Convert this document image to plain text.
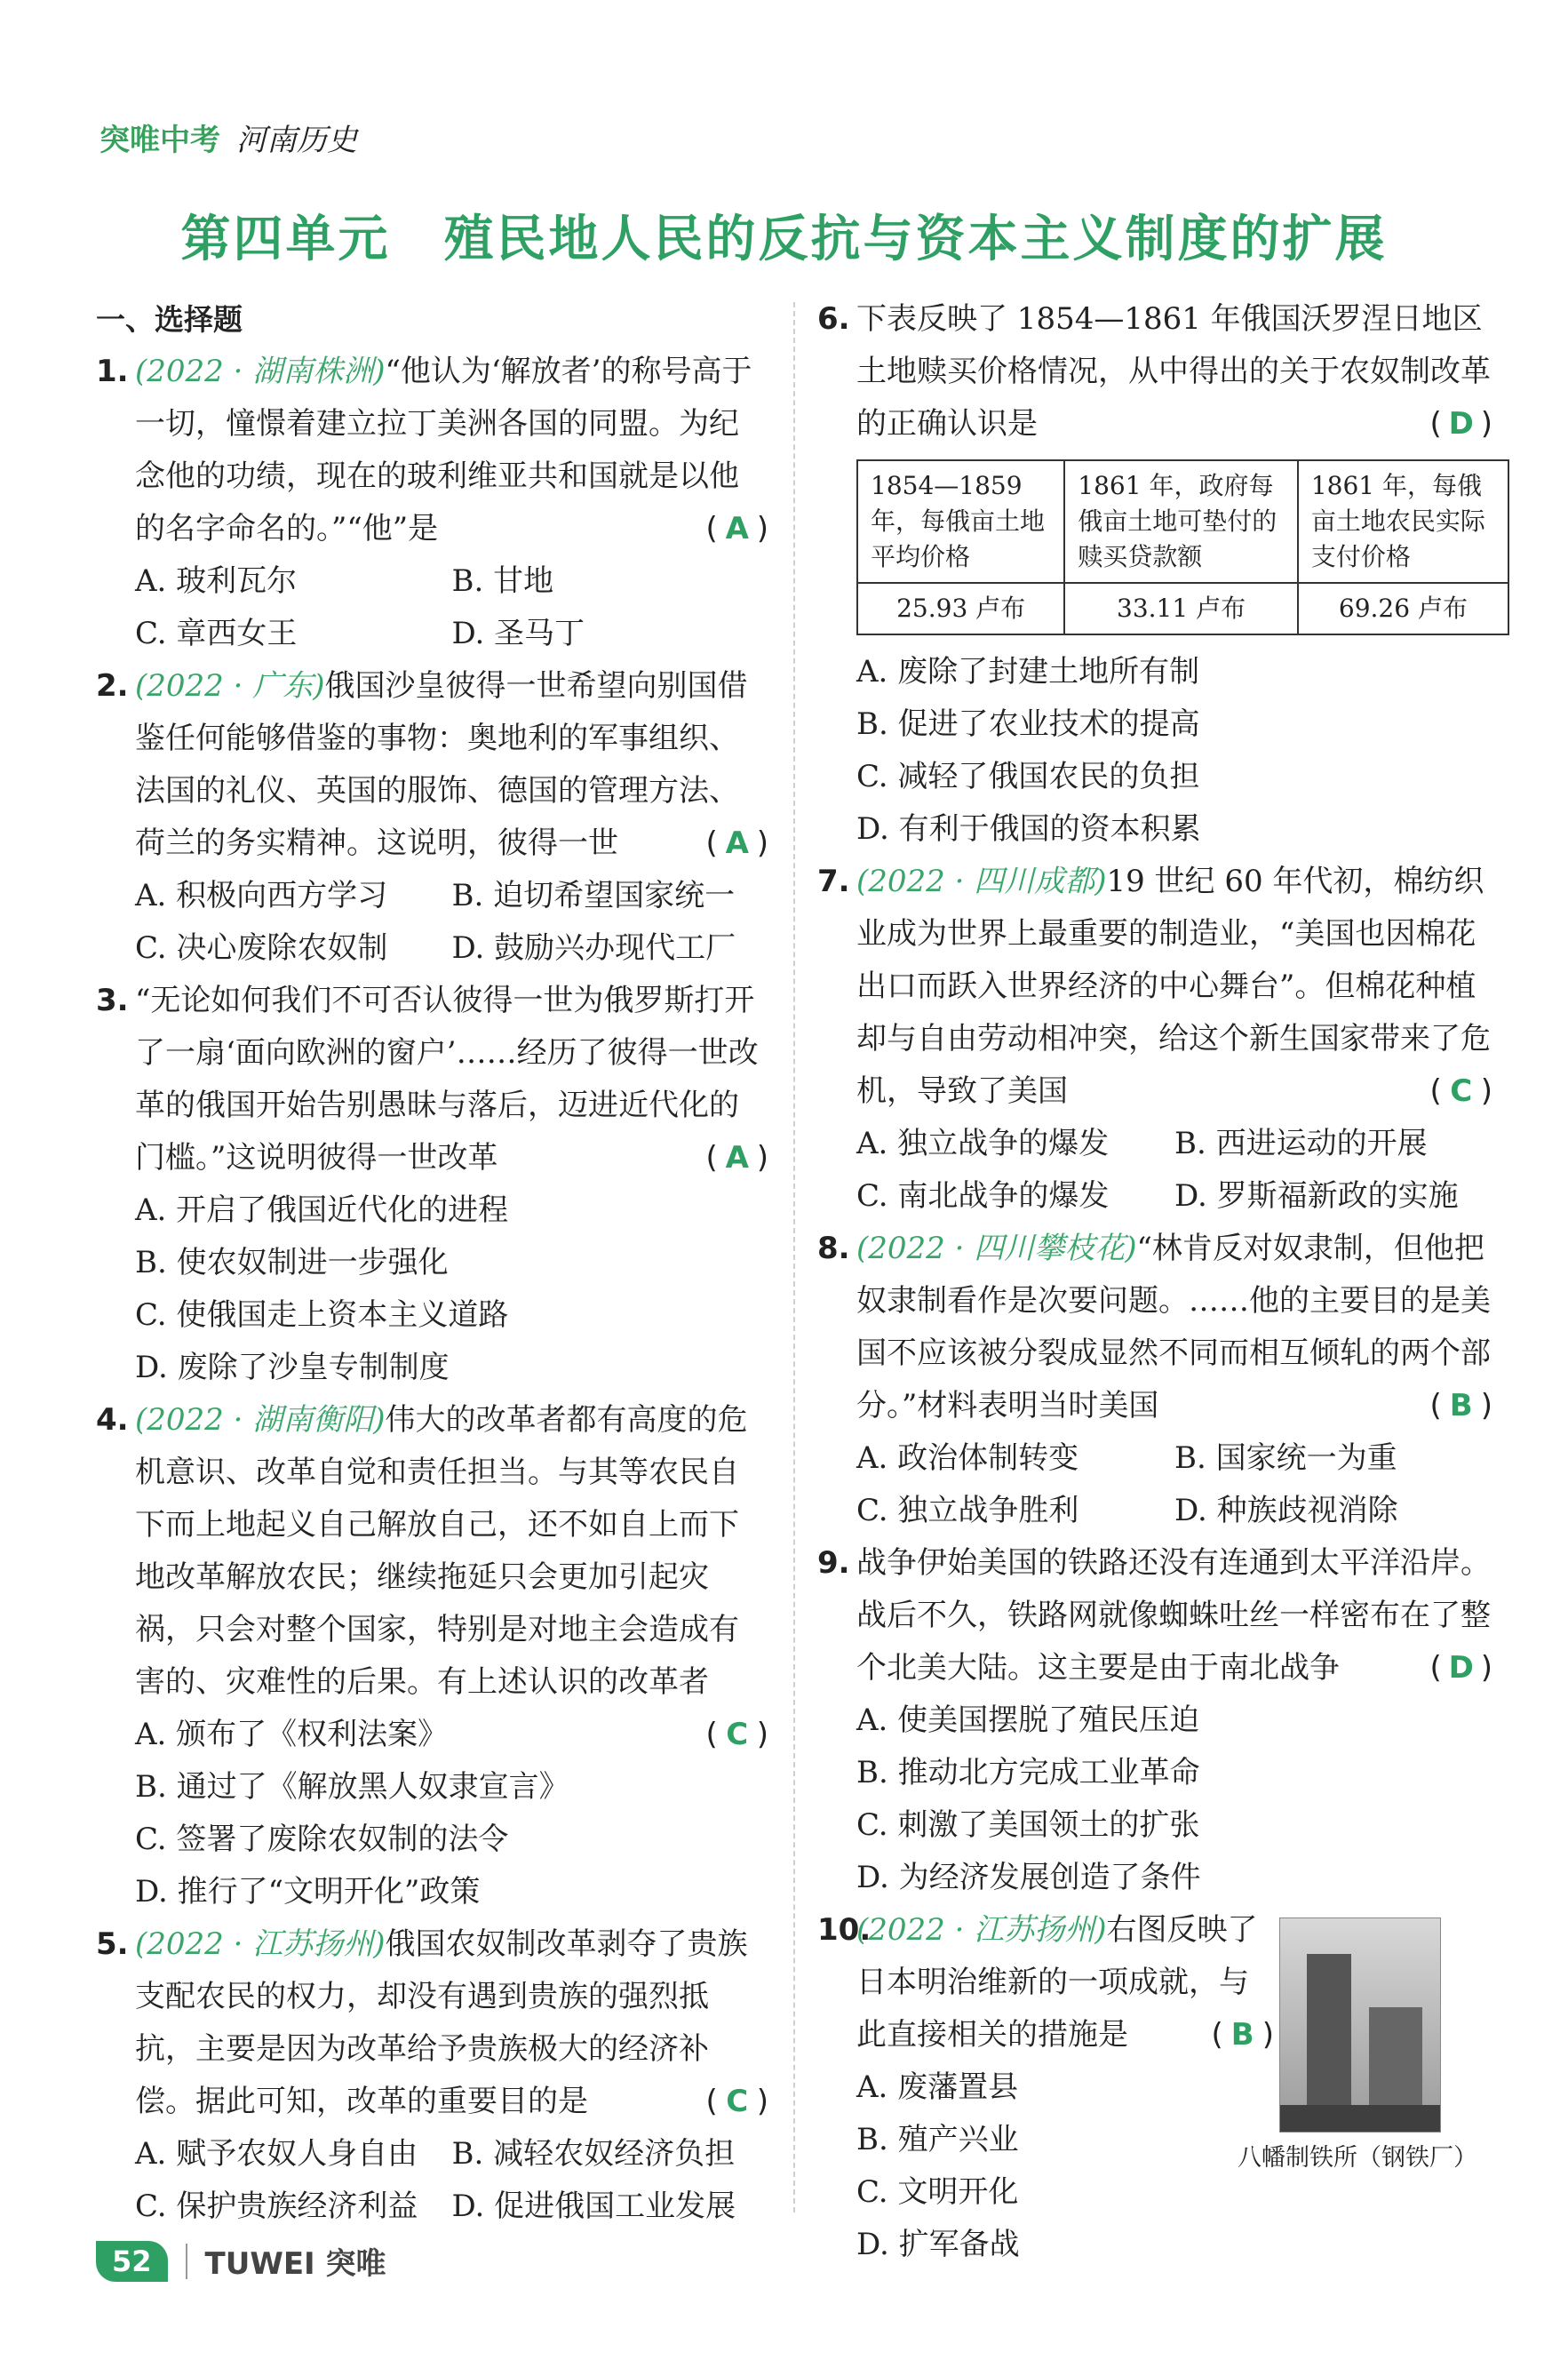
突唯中考 河南历史
第四单元 殖民地人民的反抗与资本主义制度的扩展
一、选择题
1. (2022 · 湖南株洲)“他认为‘解放者’的称号高于一切，憧憬着建立拉丁美洲各国的同盟。为纪念他的功绩，现在的玻利维亚共和国就是以他的名字命名的。”“他”是	( A )
A. 玻利瓦尔	B. 甘地
C. 章西女王	D. 圣马丁
2. (2022 · 广东)俄国沙皇彼得一世希望向别国借鉴任何能够借鉴的事物：奥地利的军事组织、法国的礼仪、英国的服饰、德国的管理方法、荷兰的务实精神。这说明，彼得一世	( A )
A. 积极向西方学习	B. 迫切希望国家统一
C. 决心废除农奴制	D. 鼓励兴办现代工厂
3. “无论如何我们不可否认彼得一世为俄罗斯打开了一扇‘面向欧洲的窗户’……经历了彼得一世改革的俄国开始告别愚昧与落后，迈进近代化的门槛。”这说明彼得一世改革	( A )
A. 开启了俄国近代化的进程
B. 使农奴制进一步强化
C. 使俄国走上资本主义道路
D. 废除了沙皇专制制度
4. (2022 · 湖南衡阳)伟大的改革者都有高度的危机意识、改革自觉和责任担当。与其等农民自下而上地起义自己解放自己，还不如自上而下地改革解放农民；继续拖延只会更加引起灾祸，只会对整个国家，特别是对地主会造成有害的、灾难性的后果。有上述认识的改革者
( C )
A. 颁布了《权利法案》
B. 通过了《解放黑人奴隶宣言》
C. 签署了废除农奴制的法令
D. 推行了“文明开化”政策
5. (2022 · 江苏扬州)俄国农奴制改革剥夺了贵族支配农民的权力，却没有遇到贵族的强烈抵抗，主要是因为改革给予贵族极大的经济补偿。据此可知，改革的重要目的是	( C )
A. 赋予农奴人身自由	B. 减轻农奴经济负担
C. 保护贵族经济利益	D. 促进俄国工业发展
6. 下表反映了 1854—1861 年俄国沃罗涅日地区土地赎买价格情况，从中得出的关于农奴制改革的正确认识是	( D )
1854—1859 年，每俄亩土地平均价格	1861 年，政府每俄亩土地可垫付的赎买贷款额	1861 年，每俄亩土地农民实际支付价格
25.93 卢布	33.11 卢布	69.26 卢布
A. 废除了封建土地所有制
B. 促进了农业技术的提高
C. 减轻了俄国农民的负担
D. 有利于俄国的资本积累
7. (2022 · 四川成都)19 世纪 60 年代初，棉纺织业成为世界上最重要的制造业，“美国也因棉花出口而跃入世界经济的中心舞台”。但棉花种植却与自由劳动相冲突，给这个新生国家带来了危机，导致了美国	( C )
A. 独立战争的爆发	B. 西进运动的开展
C. 南北战争的爆发	D. 罗斯福新政的实施
8. (2022 · 四川攀枝花)“林肯反对奴隶制，但他把奴隶制看作是次要问题。……他的主要目的是美国不应该被分裂成显然不同而相互倾轧的两个部分。”材料表明当时美国	( B )
A. 政治体制转变	B. 国家统一为重
C. 独立战争胜利	D. 种族歧视消除
9. 战争伊始美国的铁路还没有连通到太平洋沿岸。战后不久，铁路网就像蜘蛛吐丝一样密布在了整个北美大陆。这主要是由于南北战争	( D )
A. 使美国摆脱了殖民压迫
B. 推动北方完成工业革命
C. 刺激了美国领土的扩张
D. 为经济发展创造了条件
10.
(2022 · 江苏扬州)右图反映了日本明治维新的一项成就，与此直接相关的措施是	( B )
A. 废藩置县
B. 殖产兴业
C. 文明开化
D. 扩军备战
八幡制铁所（钢铁厂）
52	TUWEI 突唯
